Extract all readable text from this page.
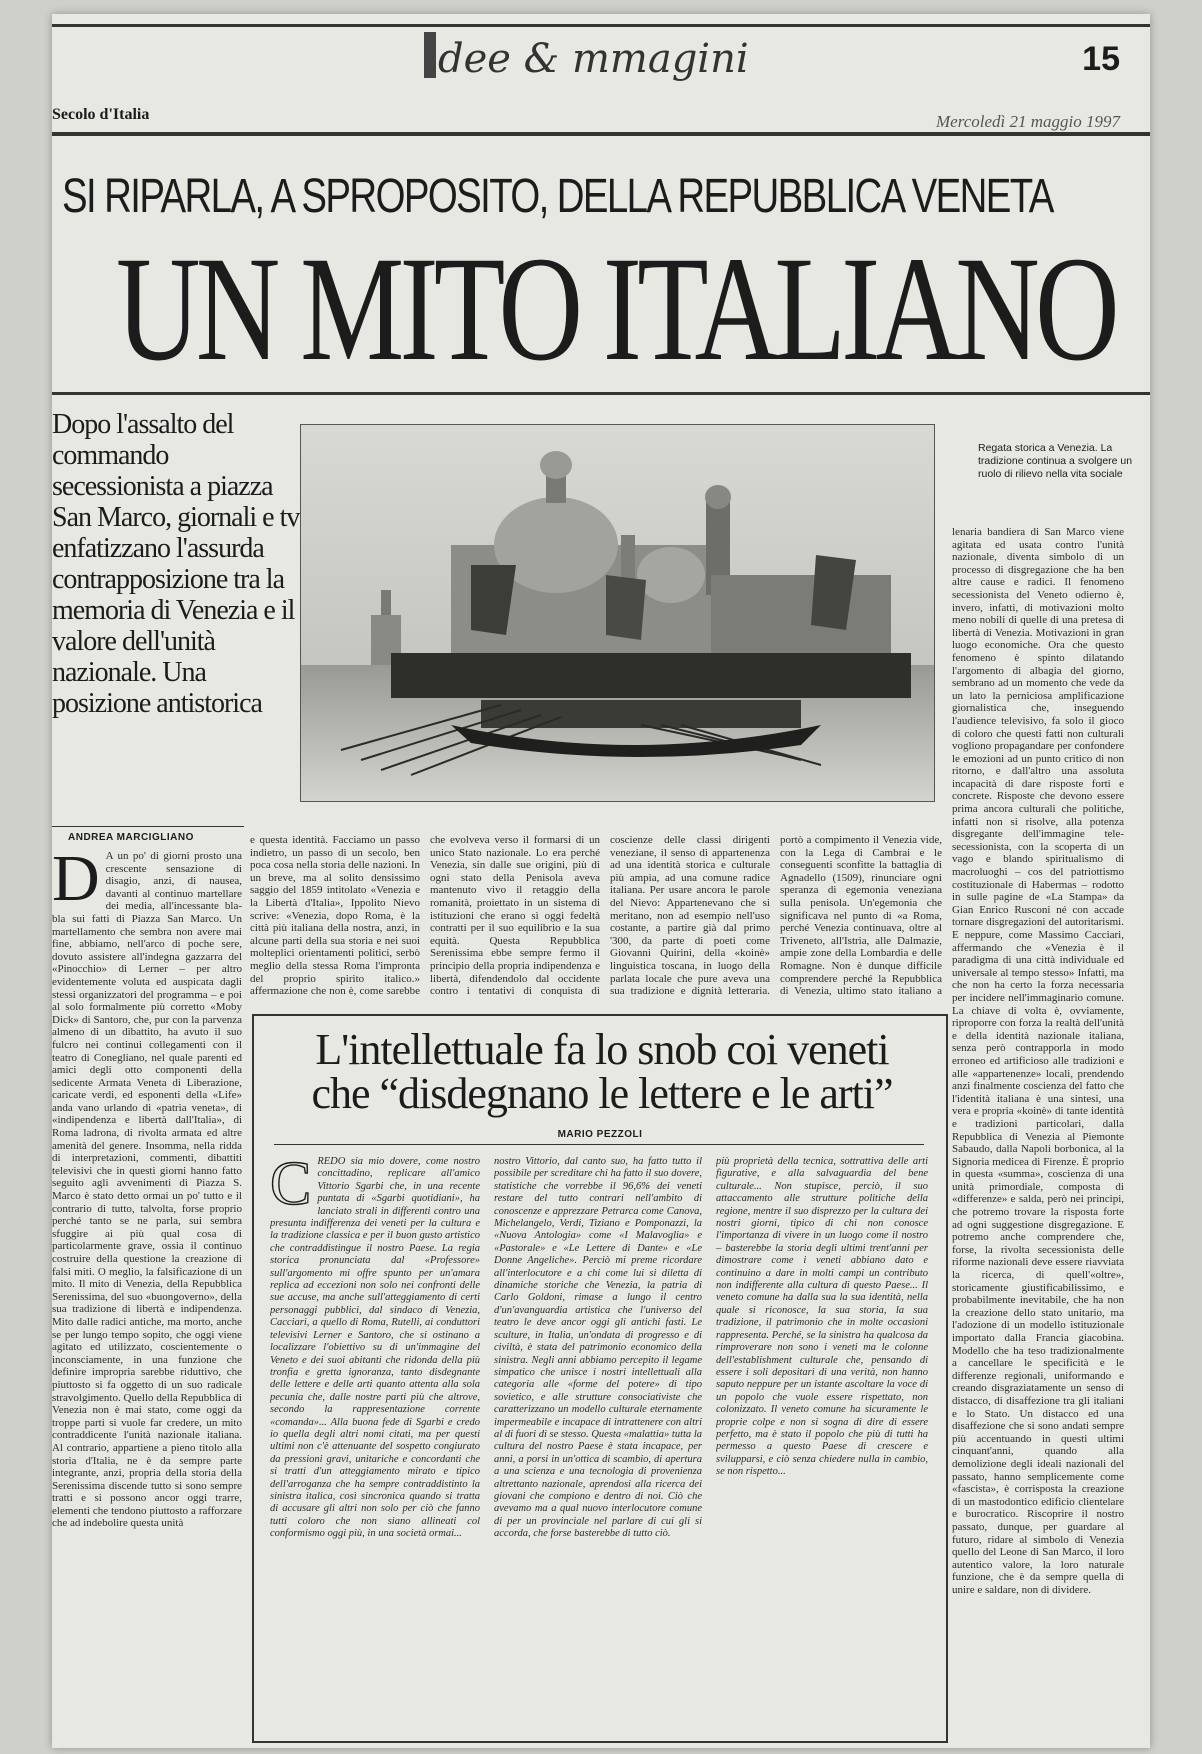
dee & mmagini	15
Secolo d'Italia	Mercoledì 21 maggio 1997
SI RIPARLA, A SPROPOSITO, DELLA REPUBBLICA VENETA
UN MITO ITALIANO
Dopo l'assalto del commando secessionista a piazza San Marco, giornali e tv enfatizzano l'assurda contrapposizione tra la memoria di Venezia e il valore dell'unità nazionale. Una posizione antistorica
Regata storica a Venezia. La tradizione continua a svolgere un ruolo di rilievo nella vita sociale
ANDREA MARCIGLIANO
D A un po' di giorni prosto una crescente sensazione di disagio, anzi, di nausea, davanti al continuo martellare dei media, all'incessante bla-bla sui fatti di Piazza San Marco. Un martellamento che sembra non avere mai fine, abbiamo, nell'arco di poche sere, dovuto assistere all'indegna gazzarra del «Pinocchio» di Lerner – per altro evidentemente voluta ed auspicata dagli stessi organizzatori del programma – e poi al solo formalmente più corretto «Moby Dick» di Santoro, che, pur con la parvenza almeno di un dibattito, ha avuto il suo fulcro nei continui collegamenti con il teatro di Conegliano, nel quale parenti ed amici degli otto componenti della sedicente Armata Veneta di Liberazione, caricate verdi, ed esponenti della «Life» anda vano urlando di «patria veneta», di «indipendenza e libertà dall'Italia», di Roma ladrona, di rivolta armata ed altre amenità del genere. Insomma, nella ridda di interpretazioni, commenti, dibattiti televisivi che in questi giorni hanno fatto seguito agli avvenimenti di Piazza S. Marco è stato detto ormai un po' tutto e il contrario di tutto, talvolta, forse proprio perché tanto se ne parla, sui sembra sfuggire ai più qual cosa di particolarmente grave, ossia il continuo costruire della questione la creazione di falsi miti. O meglio, la falsificazione di un mito. Il mito di Venezia, della Repubblica Serenissima, del suo «buongoverno», della sua tradizione di libertà e indipendenza. Mito dalle radici antiche, ma morto, anche se per lungo tempo sopito, che oggi viene agitato ed utilizzato, coscientemente o inconsciamente, in una funzione che definire impropria sarebbe riduttivo, che piuttosto si fa oggetto di un suo radicale stravolgimento. Quello della Repubblica di Venezia non è mai stato, come oggi da troppe parti si vuole far credere, un mito contraddicente l'unità nazionale italiana. Al contrario, appartiene a pieno titolo alla storia d'Italia, ne è da sempre parte integrante, anzi, propria della storia della Serenissima discende tutto si sono sempre tratti e si possono ancor oggi trarre, elementi che tendono piuttosto a rafforzare che ad indebolire questa unità
e questa identità. Facciamo un passo indietro, un passo di un secolo, ben poca cosa nella storia delle nazioni. In un breve, ma al solito densissimo saggio del 1859 intitolato «Venezia e la Libertà d'Italia», Ippolito Nievo scrive: «Venezia, dopo Roma, è la città più italiana della nostra, anzi, in alcune parti della sua storia e nei suoi molteplici orientamenti politici, serbò meglio della stessa Roma l'impronta del proprio spirito italico.» affermazione che non è, come sarebbe
che evolveva verso il formarsi di un unico Stato nazionale. Lo era perché Venezia, sin dalle sue origini, più di ogni stato della Penisola aveva mantenuto vivo il retaggio della romanità, proiettato in un sistema di istituzioni che erano sì oggi fedeltà contratti per il suo equilibrio e la sua equità. Questa Repubblica Serenissima ebbe sempre fermo il principio della propria indipendenza e libertà, difendendolo dal occidente contro i tentativi di conquista di
coscienze delle classi dirigenti veneziane, il senso di appartenenza ad una identità storica e culturale più ampia, ad una comune radice italiana. Per usare ancora le parole del Nievo: Appartenevano che si meritano, non ad esempio nell'uso costante, a partire già dal primo '300, da parte di poeti come Giovanni Quirini, della «koinè» linguistica toscana, in luogo della parlata locale che pure aveva una sua tradizione e dignità letteraria.
portò a compimento il Venezia vide, con la Lega di Cambrai e le conseguenti sconfitte la battaglia di Agnadello (1509), rinunciare ogni speranza di egemonia veneziana sulla penisola. Un'egemonia che significava nel punto di «a Roma, perché Venezia continuava, oltre al Triveneto, all'Istria, alle Dalmazie, ampie zone della Lombardia e delle Romagne. Non è dunque difficile comprendere perché la Repubblica di Venezia, ultimo stato italiano a
lenaria bandiera di San Marco viene agitata ed usata contro l'unità nazionale, diventa simbolo di un processo di disgregazione che ha ben altre cause e radici. Il fenomeno secessionista del Veneto odierno è, invero, infatti, di motivazioni molto meno nobili di quelle di una pretesa di libertà di Venezia. Motivazioni in gran luogo economiche. Ora che questo fenomeno è spinto dilatando l'argomento di albagia del giorno, sembrano ad un momento che vede da un lato la perniciosa amplificazione giornalistica che, inseguendo l'audience televisivo, fa solo il gioco di coloro che questi fatti non culturali vogliono propagandare per confondere le emozioni ad un punto critico di non ritorno, e dall'altro una assoluta incapacità di dare risposte forti e concrete. Risposte che devono essere prima ancora culturali che politiche, infatti non si risolve, alla potenza disgregante dell'immagine tele-secessionista, con la scoperta di un vago e blando spiritualismo di macroluoghi – cos del patriottismo costituzionale di Habermas – rodotto in sulle pagine de «La Stampa» da Gian Enrico Rusconi né con accade tornare disgregazioni del autoritarismi. E neppure, come Massimo Cacciari, affermando che «Venezia è il paradigma di una città individuale ed universale al tempo stesso» Infatti, ma che non ha certo la forza necessaria per incidere nell'immaginario comune. La chiave di volta è, ovviamente, riproporre con forza la realtà dell'unità e della identità nazionale italiana, senza però contrapporla in modo erroneo ed artificioso alle tradizioni e alle «appartenenze» locali, prendendo anzi finalmente coscienza del fatto che l'identità italiana è una sintesi, una vera e propria «koinè» di tante identità e tradizioni particolari, dalla Repubblica di Venezia al Piemonte Sabaudo, dalla Napoli borbonica, al la Signoria medicea di Firenze. È proprio in questa «summa», coscienza di una unità primordiale, composta di «differenze» e salda, però nei principi, che potremo trovare la risposta forte ad ogni suggestione disgregazione. E potremo anche comprendere che, forse, la rivolta secessionista delle riforme nazionali deve essere riavviata la ricerca, di quell'«oltre», storicamente giustificabilissimo, e probabilmente inevitabile, che ha non la creazione dello stato unitario, ma l'adozione di un modello istituzionale importato dalla Francia giacobina. Modello che ha teso tradizionalmente a cancellare le specificità e le differenze regionali, uniformando e creando disgraziatamente un senso di distacco, di disaffezione tra gli italiani e lo Stato. Un distacco ed una disaffezione che si sono andati sempre più accentuando in questi ultimi cinquant'anni, quando alla demolizione degli ideali nazionali del passato, hanno semplicemente come «fascista», è corrisposta la creazione di un mastodontico edificio clientelare e burocratico. Riscoprire il nostro passato, dunque, per guardare al futuro, ridare al simbolo di Venezia quello del Leone di San Marco, il loro autentico valore, la loro naturale funzione, che è da sempre quella di unire e saldare, non di dividere.
L'intellettuale fa lo snob coi veneti
che “disdegnano le lettere e le arti”
MARIO PEZZOLI
CREDO sia mio dovere, come nostro concittadino, replicare all'amico Vittorio Sgarbi che, in una recente puntata di «Sgarbi quotidiani», ha lanciato strali in differenti contro una presunta indifferenza dei veneti per la cultura e la tradizione classica e per il buon gusto artistico che contraddistingue il nostro Paese. La regia storica pronunciata dal «Professore» sull'argomento mi offre spunto per un'amara replica ad eccezioni non solo nei confronti delle sue accuse, ma anche sull'atteggiamento di certi personaggi pubblici, dal sindaco di Venezia, Cacciari, a quello di Roma, Rutelli, ai conduttori televisivi Lerner e Santoro, che si ostinano a localizzare l'obiettivo su di un'immagine del Veneto e dei suoi abitanti che ridonda della più tronfia e gretta ignoranza, tanto disdegnante delle lettere e delle arti quanto attenta alla sola pecunia che, dalle nostre parti più che altrove, secondo la rappresentazione corrente «comanda»... Alla buona fede di Sgarbi e credo io quella degli altri nomi citati, ma per questi ultimi non c'è attenuante del sospetto congiurato da pressioni gravi, unitariche e concordanti che si tratti d'un atteggiamento mirato e tipico dell'arroganza che ha sempre contraddistinto la sinistra italica, così sincronica quando si tratta di accusare gli altri non solo per ciò che fanno tutti coloro che non siano allineati col conformismo oggi più, in una società ormai...
nostro Vittorio, dal canto suo, ha fatto tutto il possibile per screditare chi ha fatto il suo dovere, statistiche che vorrebbe il 96,6% dei veneti restare del tutto contrari nell'ambito di conoscenze e apprezzare Petrarca come Canova, Michelangelo, Verdi, Tiziano e Pomponazzi, la «Nuova Antologia» come «I Malavoglia» e «Pastorale» e «Le Lettere di Dante» e «Le Donne Angeliche». Perciò mi preme ricordare all'interlocutore e a chi come lui si diletta di dinamiche storiche che Venezia, la patria di Carlo Goldoni, rimase a lungo il centro d'un'avanguardia artistica che l'universo del teatro le deve ancor oggi gli antichi fasti. Le sculture, in Italia, un'ondata di progresso e di civiltà, è stata del patrimonio economico della sinistra. Negli anni abbiamo percepito il legame simpatico che unisce i nostri intellettuali alla categoria alle «forme del potere» di tipo sovietico, e alle strutture consociativiste che caratterizzano un modello culturale eternamente impermeabile e incapace di intrattenere con altri al di fuori di se stesso. Questa «malattia» tutta la cultura del nostro Paese è stata incapace, per anni, a porsi in un'ottica di scambio, di apertura a una scienza e una tecnologia di provenienza altrettanto nazionale, aprendosi alla ricerca dei giovani che compiono e dentro di noi. Ciò che avevamo ma a qual nuovo interlocutore comune di per un provinciale nel parlare di cui gli si accorda, che forse basterebbe di tutto ciò.
più proprietà della tecnica, sottrattiva delle arti figurative, e alla salvaguardia del bene culturale... Non stupisce, perciò, il suo attaccamento alle strutture politiche della regione, mentre il suo disprezzo per la cultura dei nostri giorni, tipico di chi non conosce l'importanza di vivere in un luogo come il nostro – basterebbe la storia degli ultimi trent'anni per dimostrare come i veneti abbiano dato e continuino a dare in molti campi un contributo non indifferente alla cultura di questo Paese... Il veneto comune ha dalla sua la sua identità, nella quale si riconosce, la sua storia, la sua tradizione, il patrimonio che in molte occasioni rappresenta. Perché, se la sinistra ha qualcosa da rimproverare non sono i veneti ma le colonne dell'establishment culturale che, pensando di essere i soli depositari di una verità, non hanno saputo neppure per un istante ascoltare la voce di un popolo che vuole essere rispettato, non colonizzato. Il veneto comune ha sicuramente le proprie colpe e non si sogna di dire di essere perfetto, ma è stato il popolo che più di tutti ha permesso a questo Paese di crescere e svilupparsi, e ciò senza chiedere nulla in cambio, se non rispetto...
